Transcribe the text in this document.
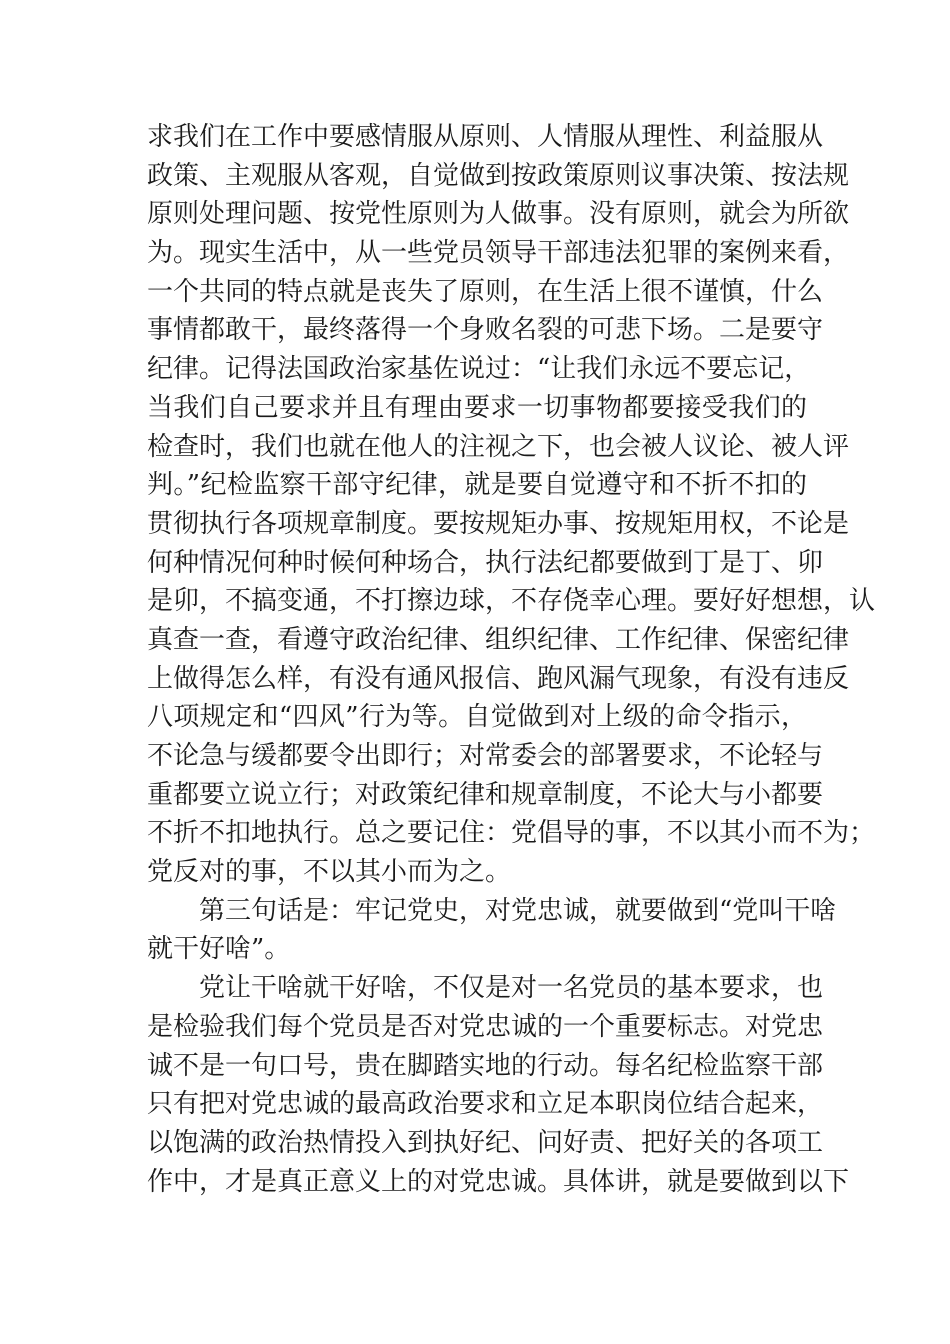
求我们在工作中要感情服从原则、人情服从理性、利益服从
政策、主观服从客观，自觉做到按政策原则议事决策、按法规
原则处理问题、按党性原则为人做事。没有原则，就会为所欲
为。现实生活中，从一些党员领导干部违法犯罪的案例来看，
一个共同的特点就是丧失了原则，在生活上很不谨慎，什么
事情都敢干，最终落得一个身败名裂的可悲下场。二是要守
纪律。记得法国政治家基佐说过：“让我们永远不要忘记，
当我们自己要求并且有理由要求一切事物都要接受我们的
检查时，我们也就在他人的注视之下，也会被人议论、被人评
判。”纪检监察干部守纪律，就是要自觉遵守和不折不扣的
贯彻执行各项规章制度。要按规矩办事、按规矩用权，不论是
何种情况何种时候何种场合，执行法纪都要做到丁是丁、卯
是卯，不搞变通，不打擦边球，不存侥幸心理。要好好想想，认
真查一查，看遵守政治纪律、组织纪律、工作纪律、保密纪律
上做得怎么样，有没有通风报信、跑风漏气现象，有没有违反
八项规定和“四风”行为等。自觉做到对上级的命令指示，
不论急与缓都要令出即行；对常委会的部署要求，不论轻与
重都要立说立行；对政策纪律和规章制度，不论大与小都要
不折不扣地执行。总之要记住：党倡导的事，不以其小而不为；
党反对的事，不以其小而为之。
第三句话是：牢记党史，对党忠诚，就要做到“党叫干啥
就干好啥”。
党让干啥就干好啥，不仅是对一名党员的基本要求，也
是检验我们每个党员是否对党忠诚的一个重要标志。对党忠
诚不是一句口号，贵在脚踏实地的行动。每名纪检监察干部
只有把对党忠诚的最高政治要求和立足本职岗位结合起来，
以饱满的政治热情投入到执好纪、问好责、把好关的各项工
作中，才是真正意义上的对党忠诚。具体讲，就是要做到以下
